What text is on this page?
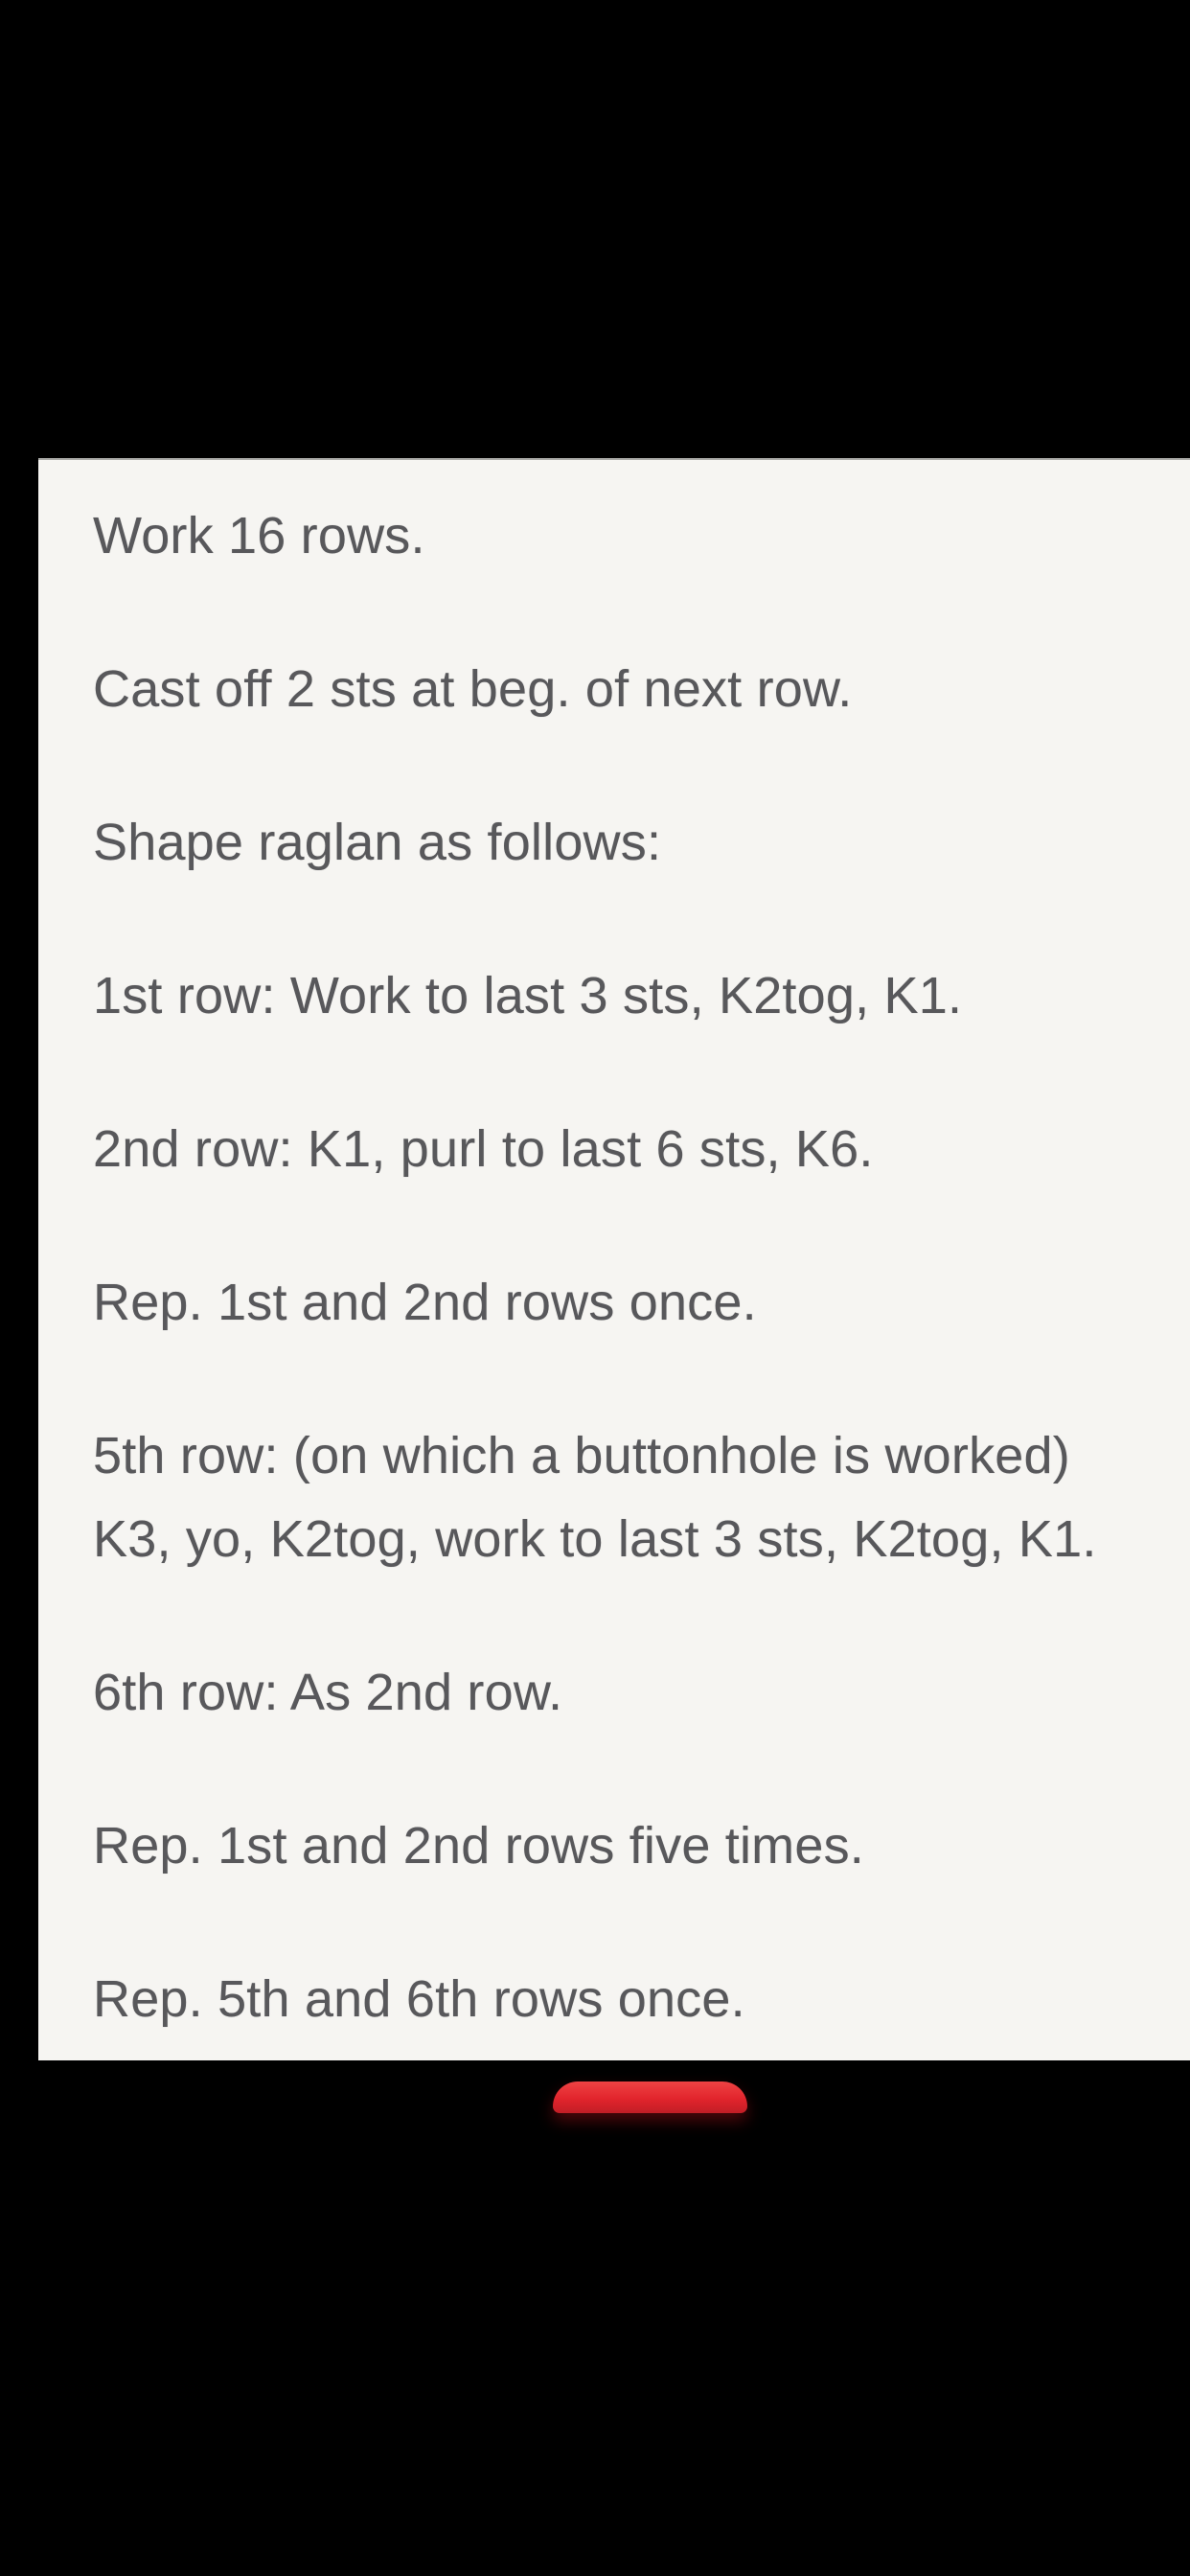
Work 16 rows.
Cast off 2 sts at beg. of next row.
Shape raglan as follows:
1st row: Work to last 3 sts, K2tog, K1.
2nd row: K1, purl to last 6 sts, K6.
Rep. 1st and 2nd rows once.
5th row: (on which a buttonhole is worked)
K3, yo, K2tog, work to last 3 sts, K2tog, K1.
6th row: As 2nd row.
Rep. 1st and 2nd rows five times.
Rep. 5th and 6th rows once.
